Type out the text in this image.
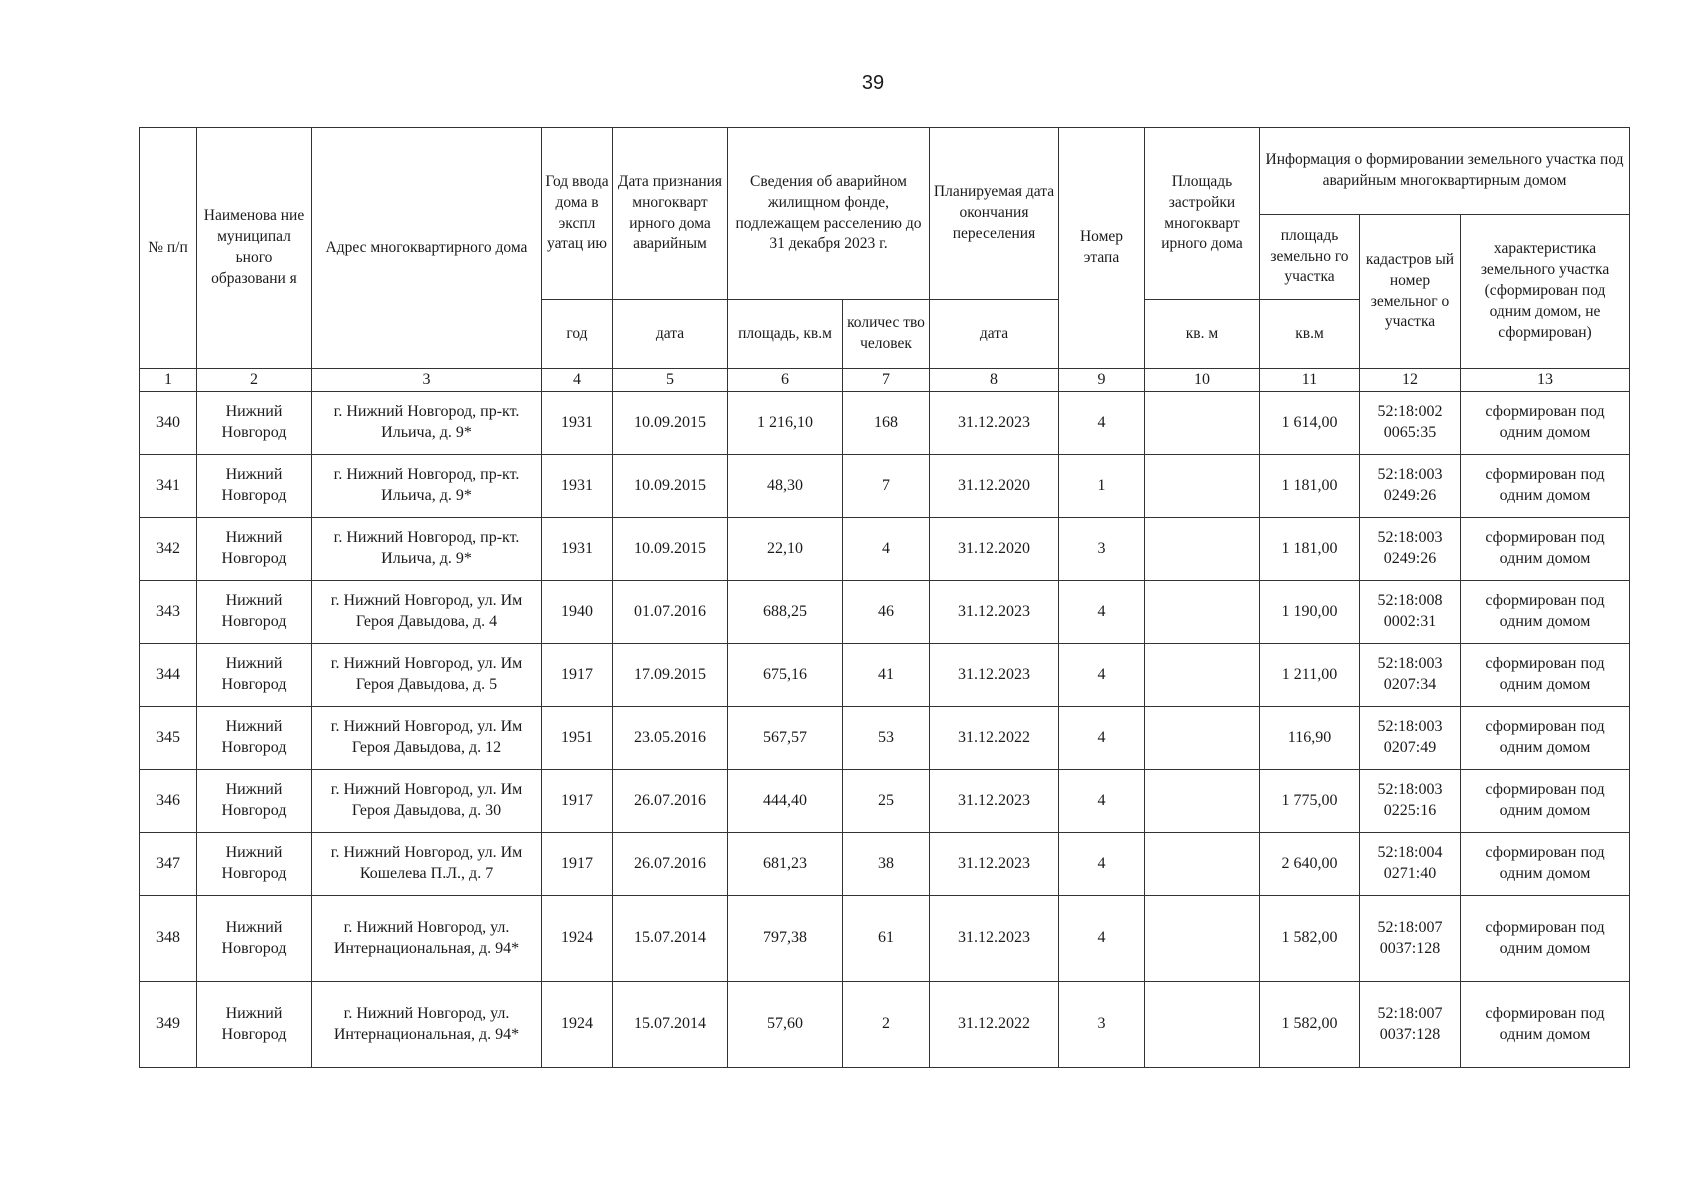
39
№ п/п	Наименова ние муниципал ьного образовани я	Адрес многоквартирного дома	Год ввода дома в экспл уатац ию	Дата признания многокварт ирного дома аварийным	Сведения об аварийном жилищном фонде, подлежащем расселению до 31 декабря 2023 г.		Планируемая дата окончания переселения	Номер этапа	Площадь застройки многокварт ирного дома	Информация о формировании земельного участка под аварийным многоквартирным домом		
										площадь земельно го участка	кадастров ый номер земельног о участка	характеристика земельного участка (сформирован под одним домом, не сформирован)
			год	дата	площадь, кв.м	количес тво человек	дата		кв. м	кв.м		
1	2	3	4	5	6	7	8	9	10	11	12	13
340	Нижний Новгород	г. Нижний Новгород, пр-кт. Ильича, д. 9*	1931	10.09.2015	1 216,10	168	31.12.2023	4		1 614,00	52:18:002 0065:35	сформирован под одним домом
341	Нижний Новгород	г. Нижний Новгород, пр-кт. Ильича, д. 9*	1931	10.09.2015	48,30	7	31.12.2020	1		1 181,00	52:18:003 0249:26	сформирован под одним домом
342	Нижний Новгород	г. Нижний Новгород, пр-кт. Ильича, д. 9*	1931	10.09.2015	22,10	4	31.12.2020	3		1 181,00	52:18:003 0249:26	сформирован под одним домом
343	Нижний Новгород	г. Нижний Новгород, ул. Им Героя Давыдова, д. 4	1940	01.07.2016	688,25	46	31.12.2023	4		1 190,00	52:18:008 0002:31	сформирован под одним домом
344	Нижний Новгород	г. Нижний Новгород, ул. Им Героя Давыдова, д. 5	1917	17.09.2015	675,16	41	31.12.2023	4		1 211,00	52:18:003 0207:34	сформирован под одним домом
345	Нижний Новгород	г. Нижний Новгород, ул. Им Героя Давыдова, д. 12	1951	23.05.2016	567,57	53	31.12.2022	4		116,90	52:18:003 0207:49	сформирован под одним домом
346	Нижний Новгород	г. Нижний Новгород, ул. Им Героя Давыдова, д. 30	1917	26.07.2016	444,40	25	31.12.2023	4		1 775,00	52:18:003 0225:16	сформирован под одним домом
347	Нижний Новгород	г. Нижний Новгород, ул. Им Кошелева П.Л., д. 7	1917	26.07.2016	681,23	38	31.12.2023	4		2 640,00	52:18:004 0271:40	сформирован под одним домом
348	Нижний Новгород	г. Нижний Новгород, ул. Интернациональная, д. 94*	1924	15.07.2014	797,38	61	31.12.2023	4		1 582,00	52:18:007 0037:128	сформирован под одним домом
349	Нижний Новгород	г. Нижний Новгород, ул. Интернациональная, д. 94*	1924	15.07.2014	57,60	2	31.12.2022	3		1 582,00	52:18:007 0037:128	сформирован под одним домом
